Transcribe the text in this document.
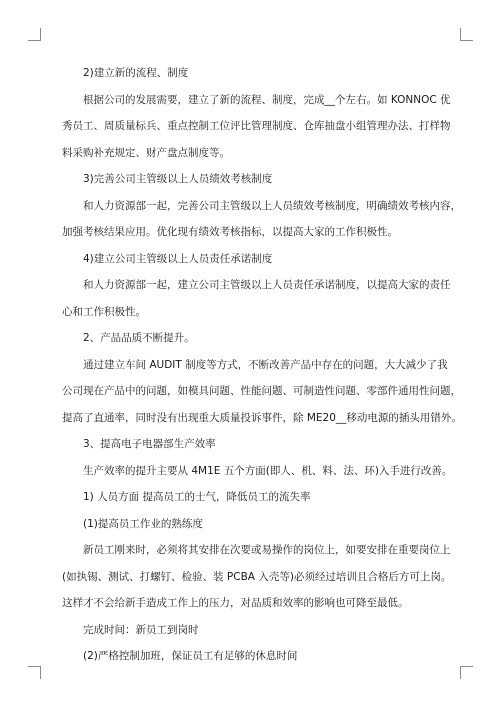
2)建立新的流程、制度

根据公司的发展需要，建立了新的流程、制度，完成__个左右。如 KONNOC 优

秀员工、周质量标兵、重点控制工位评比管理制度、仓库抽盘小组管理办法、打样物

料采购补充规定、财产盘点制度等。

3)完善公司主管级以上人员绩效考核制度

和人力资源部一起，完善公司主管级以上人员绩效考核制度，明确绩效考核内容，

加强考核结果应用。优化现有绩效考核指标，以提高大家的工作积极性。

4)建立公司主管级以上人员责任承诺制度

和人力资源部一起，建立公司主管级以上人员责任承诺制度，以提高大家的责任

心和工作积极性。

2、产品品质不断提升。

通过建立车间 AUDIT 制度等方式，不断改善产品中存在的问题，大大减少了我

公司现在产品中的问题，如模具问题、性能问题、可制造性问题、零部件通用性问题，

提高了直通率，同时没有出现重大质量投诉事件，除 ME20__移动电源的插头用错外。

3、提高电子电器部生产效率

生产效率的提升主要从 4M1E 五个方面(即人、机、料、法、环)入手进行改善。

1) 人员方面 提高员工的士气，降低员工的流失率

(1)提高员工作业的熟练度

新员工刚来时，必须将其安排在次要或易操作的岗位上，如要安排在重要岗位上

(如执锡、测试、打螺钉、检验、装 PCBA 入壳等)必须经过培训且合格后方可上岗。

这样才不会给新手造成工作上的压力，对品质和效率的影响也可降至最低。

完成时间：新员工到岗时

(2)严格控制加班，保证员工有足够的休息时间
